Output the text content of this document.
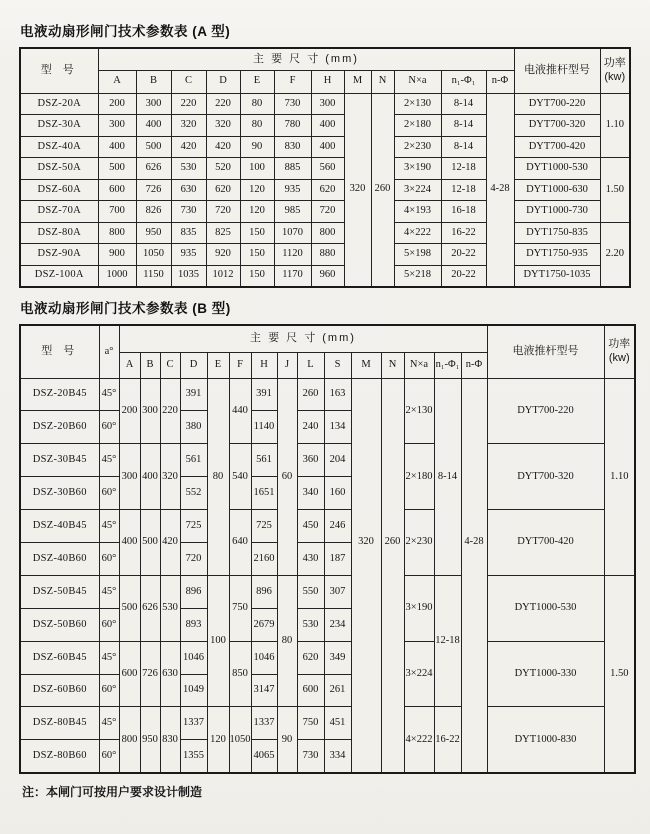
电液动扇形闸门技术参数表 (A 型)
型 号	主 要 尺 寸 (mm)												电液推杆型号	功率
(kw)

	A	B	C	D	E	F	H	M	N	N×a	n₁-Φ₁	n-Φ		
DSZ-20A	200	300	220	220	80	730	300	320	260	2×130	8-14	4-28	DYT700-220	1.10
DSZ-30A	300	400	320	320	80	780	400			2×180	8-14		DYT700-320	
DSZ-40A	400	500	420	420	90	830	400			2×230	8-14		DYT700-420	
DSZ-50A	500	626	530	520	100	885	560			3×190	12-18		DYT1000-530	1.50
DSZ-60A	600	726	630	620	120	935	620			3×224	12-18		DYT1000-630	
DSZ-70A	700	826	730	720	120	985	720			4×193	16-18		DYT1000-730	
DSZ-80A	800	950	835	825	150	1070	800			4×222	16-22		DYT1750-835	2.20
DSZ-90A	900	1050	935	920	150	1120	880			5×198	20-22		DYT1750-935	
DSZ-100A	1000	1150	1035	1012	150	1170	960			5×218	20-22		DYT1750-1035	
电液动扇形闸门技术参数表 (B 型)
型 号	a°	主 要 尺 寸 (mm)															电液推杆型号	功率
(kw)

		A	B	C	D	E	F	H	J	L	S	M	N	N×a	n₁-Φ₁	n-Φ		
DSZ-20B45	45°	200	300	220	391	80	440	391	60	260	163	320	260	2×130	8-14	4-28	DYT700-220	1.10
DSZ-20B60	60°				380			1140		240	134							
DSZ-30B45	45°	300	400	320	561		540	561		360	204			2×180			DYT700-320	
DSZ-30B60	60°				552			1651		340	160							
DSZ-40B45	45°	400	500	420	725		640	725		450	246			2×230			DYT700-420	
DSZ-40B60	60°				720			2160		430	187							
DSZ-50B45	45°	500	626	530	896	100	750	896	80	550	307			3×190	12-18		DYT1000-530	1.50
DSZ-50B60	60°				893			2679		530	234							
DSZ-60B45	45°	600	726	630	1046		850	1046		620	349			3×224			DYT1000-330	
DSZ-60B60	60°				1049			3147		600	261							
DSZ-80B45	45°	800	950	830	1337	120	1050	1337	90	750	451			4×222	16-22		DYT1000-830	
DSZ-80B60	60°				1355			4065		730	334							
注：本闸门可按用户要求设计制造
